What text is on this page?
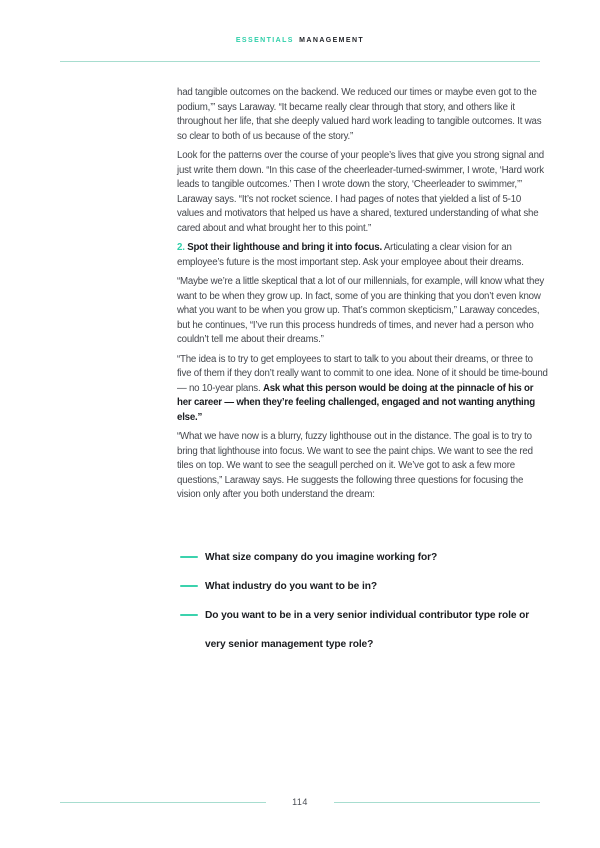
ESSENTIALS MANAGEMENT

had tangible outcomes on the backend. We reduced our times or maybe even got to the podium,’” says Laraway. “It became really clear through that story, and others like it throughout her life, that she deeply valued hard work leading to tangible outcomes. It was so clear to both of us because of the story.”

Look for the patterns over the course of your people’s lives that give you strong signal and just write them down. “In this case of the cheerleader-turned-swimmer, I wrote, ‘Hard work leads to tangible outcomes.’ Then I wrote down the story, ‘Cheerleader to swimmer,’” Laraway says. “It’s not rocket science. I had pages of notes that yielded a list of 5-10 values and motivators that helped us have a shared, textured understanding of what she cared about and what brought her to this point.”

2. Spot their lighthouse and bring it into focus. Articulating a clear vision for an employee’s future is the most important step. Ask your employee about their dreams.

“Maybe we’re a little skeptical that a lot of our millennials, for example, will know what they want to be when they grow up. In fact, some of you are thinking that you don’t even know what you want to be when you grow up. That’s common skepticism,” Laraway concedes, but he continues, “I’ve run this process hundreds of times, and never had a person who couldn’t tell me about their dreams.”

“The idea is to try to get employees to start to talk to you about their dreams, or three to five of them if they don’t really want to commit to one idea. None of it should be time-bound — no 10-year plans. Ask what this person would be doing at the pinnacle of his or her career — when they’re feeling challenged, engaged and not wanting anything else.”

“What we have now is a blurry, fuzzy lighthouse out in the distance. The goal is to try to bring that lighthouse into focus. We want to see the paint chips. We want to see the red tiles on top. We want to see the seagull perched on it. We’ve got to ask a few more questions,” Laraway says. He suggests the following three questions for focusing the vision only after you both understand the dream:

What size company do you imagine working for?
What industry do you want to be in?
Do you want to be in a very senior individual contributor type role or very senior management type role?
114
